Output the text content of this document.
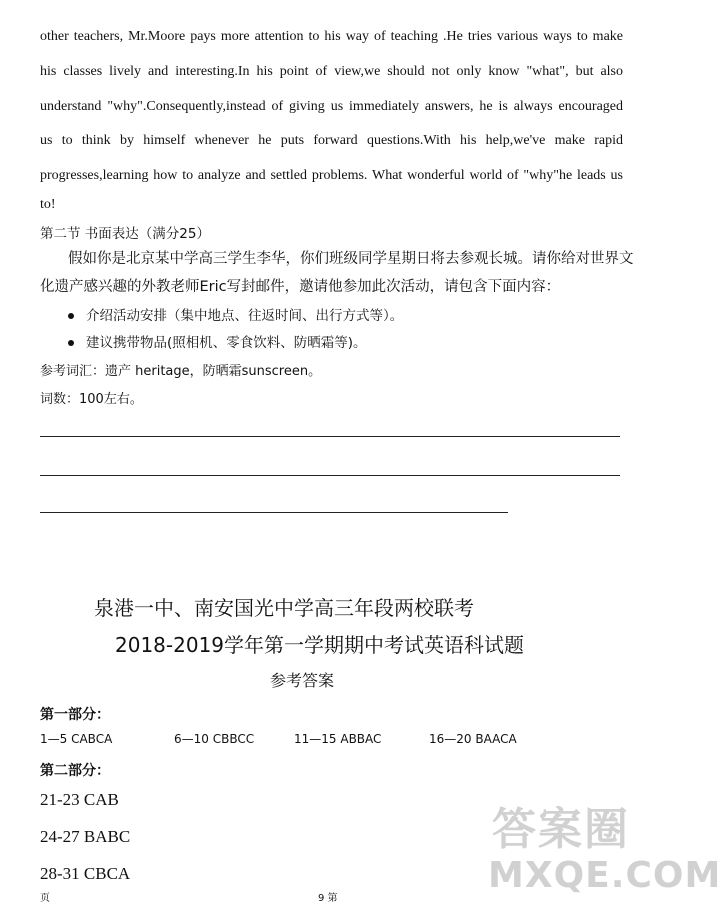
other teachers, Mr.Moore pays more attention to his way of teaching .He tries various ways to make
his classes lively and interesting.In his point of view,we should not only know "what", but also
understand "why".Consequently,instead of giving us immediately answers, he is always encouraged
us to think by himself whenever he puts forward questions.With his help,we've make rapid
progresses,learning how to analyze and settled problems. What wonderful world of "why"he leads us
to!
第二节 书面表达（满分25）
假如你是北京某中学高三学生李华，你们班级同学星期日将去参观长城。请你给对世界文
化遗产感兴趣的外教老师Eric写封邮件，邀请他参加此次活动，请包含下面内容：
介绍活动安排（集中地点、往返时间、出行方式等）。
建议携带物品(照相机、零食饮料、防晒霜等)。
参考词汇：遗产 heritage，防晒霜sunscreen。
词数：100左右。
泉港一中、南安国光中学高三年段两校联考
2018-2019学年第一学期期中考试英语科试题
参考答案
第一部分：
1—5 CABCA	6—10 CBBCC	11—15 ABBAC	16—20 BAACA
第二部分：
21-23 CAB
24-27 BABC
28-31 CBCA
页	9 第
答案圈
MXQE.COM
